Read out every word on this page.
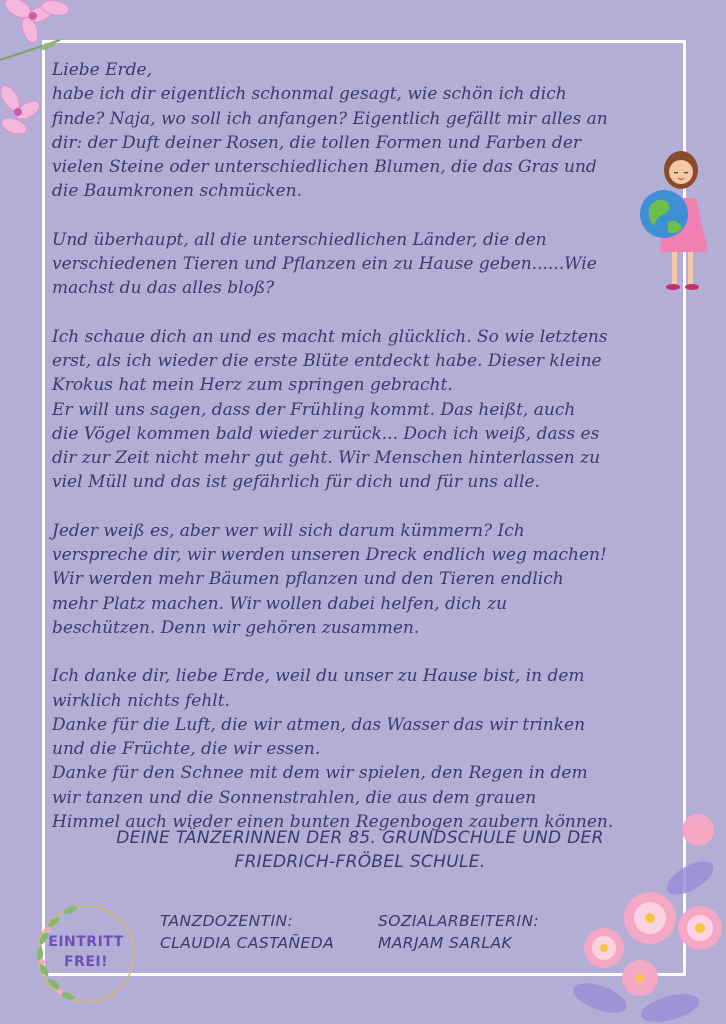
Liebe Erde,
habe ich dir eigentlich schonmal gesagt, wie schön ich dich
finde? Naja, wo soll ich anfangen? Eigentlich gefällt mir alles an
dir: der Duft deiner Rosen, die tollen Formen und Farben der
vielen Steine oder unterschiedlichen Blumen, die das Gras und
die Baumkronen schmücken.

Und überhaupt, all die unterschiedlichen Länder, die den
verschiedenen Tieren und Pflanzen ein zu Hause geben......Wie
machst du das alles bloß?

Ich schaue dich an und es macht mich glücklich. So wie letztens
erst, als ich wieder die erste Blüte entdeckt habe. Dieser kleine
Krokus hat mein Herz zum springen gebracht.
Er will uns sagen, dass der Frühling kommt. Das heißt, auch
die Vögel kommen bald wieder zurück... Doch ich weiß, dass es
dir zur Zeit nicht mehr gut geht. Wir Menschen hinterlassen zu
viel Müll und das ist gefährlich für dich und für uns alle.

Jeder weiß es, aber wer will sich darum kümmern? Ich
verspreche dir, wir werden unseren Dreck endlich weg machen!
Wir werden mehr Bäumen pflanzen und den Tieren endlich
mehr Platz machen. Wir wollen dabei helfen, dich zu
beschützen. Denn wir gehören zusammen.

Ich danke dir, liebe Erde, weil du unser zu Hause bist, in dem
wirklich nichts fehlt.
Danke für die Luft, die wir atmen, das Wasser das wir trinken
und die Früchte, die wir essen.
Danke für den Schnee mit dem wir spielen, den Regen in dem
wir tanzen und die Sonnenstrahlen, die aus dem grauen
Himmel auch wieder einen bunten Regenbogen zaubern können.

DEINE TÄNZERINNEN DER 85. GRUNDSCHULE UND DER
FRIEDRICH-FRÖBEL SCHULE.
TANZDOZENTIN:
CLAUDIA CASTAÑEDA
SOZIALARBEITERIN:
MARJAM SARLAK
EINTRITT
FREI!
